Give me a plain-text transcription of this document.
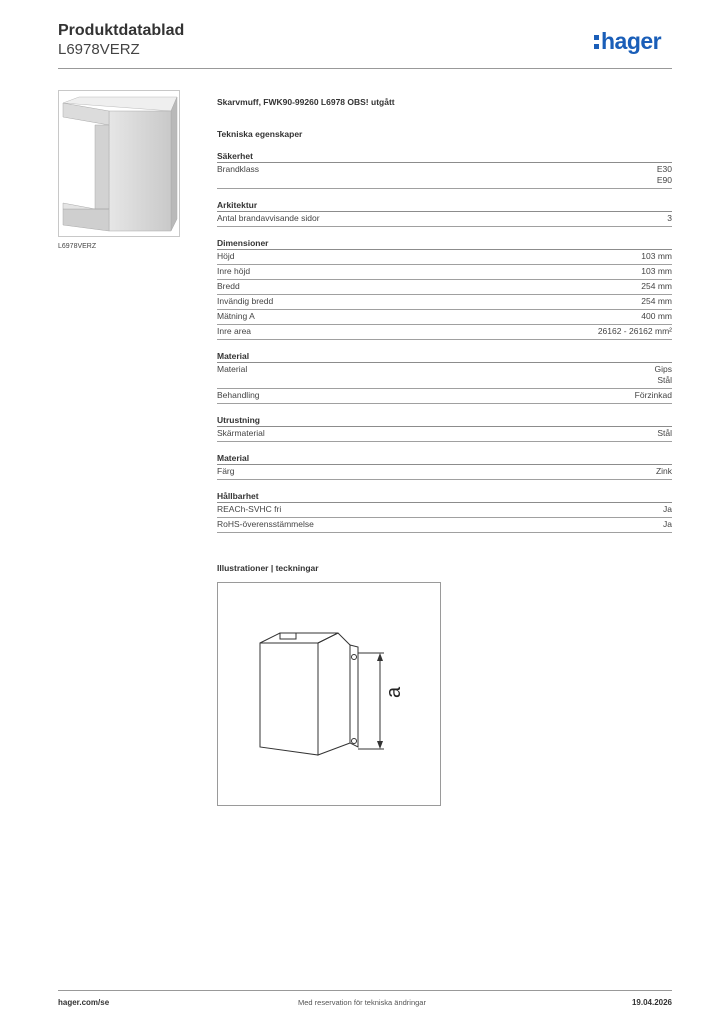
Produktdatablad
L6978VERZ	hager
L6978VERZ
Skarvmuff, FWK90-99260 L6978 OBS! utgått
Tekniska egenskaper
Säkerhet
Brandklass	E30
E90
Arkitektur
Antal brandavvisande sidor	3
Dimensioner
Höjd	103 mm
Inre höjd	103 mm
Bredd	254 mm
Invändig bredd	254 mm
Mätning A	400 mm
Inre area	26162 - 26162 mm²
Material
Material	Gips
Stål
Behandling	Förzinkad
Utrustning
Skärmaterial	Stål
Material
Färg	Zink
Hållbarhet
REACh-SVHC fri	Ja
RoHS-överensstämmelse	Ja
Illustrationer | teckningar
a
hager.com/se	Med reservation för tekniska ändringar	19.04.2026
